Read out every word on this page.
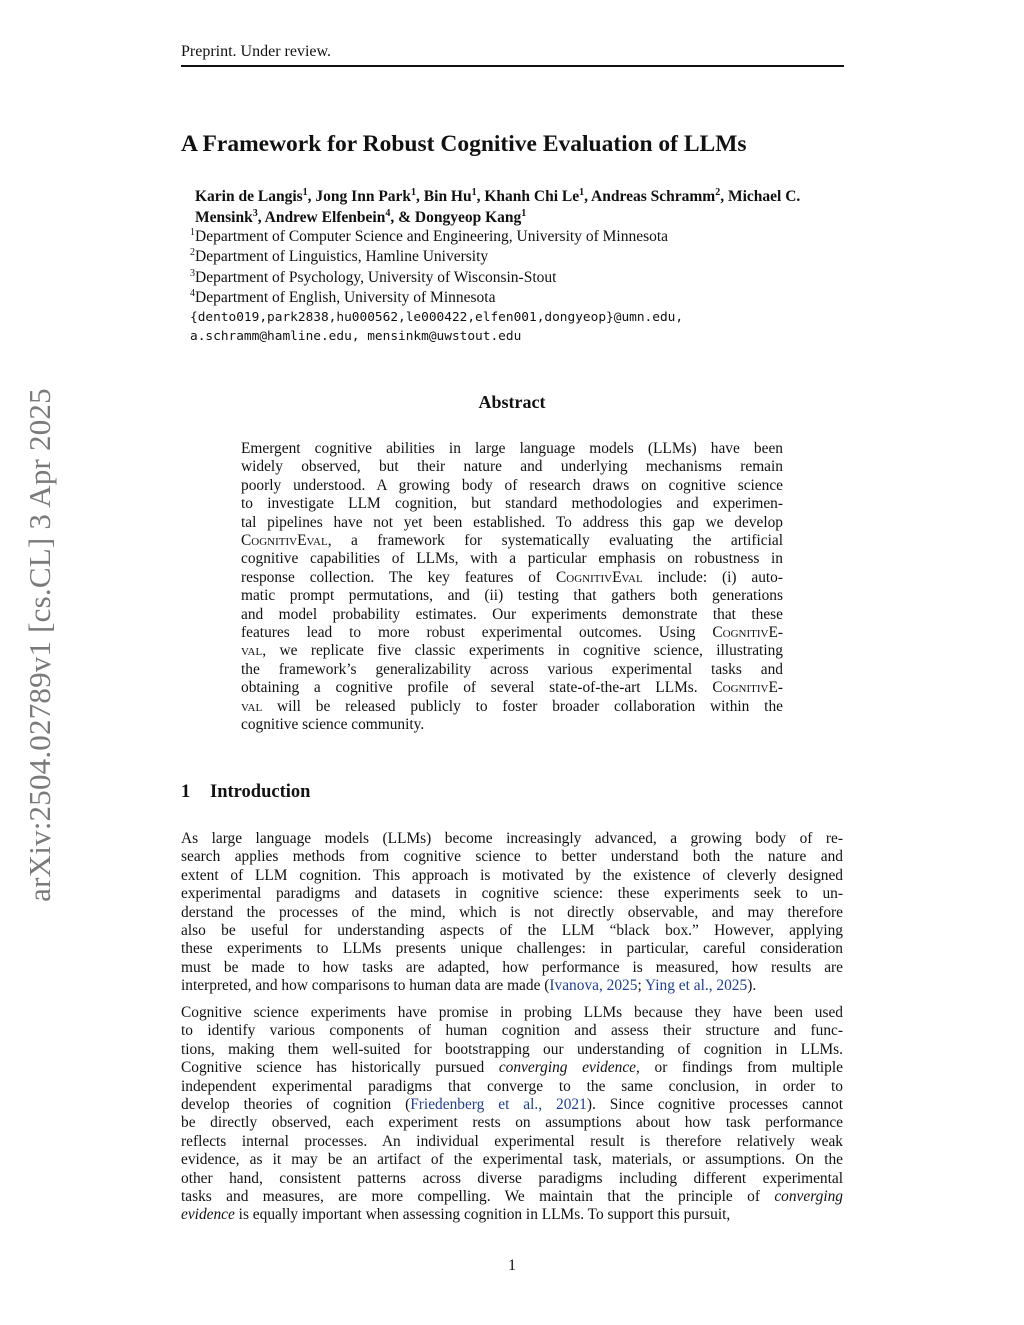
Preprint. Under review.
arXiv:2504.02789v1 [cs.CL] 3 Apr 2025
A Framework for Robust Cognitive Evaluation of LLMs
Karin de Langis$^1$, Jong Inn Park$^1$, Bin Hu$^1$, Khanh Chi Le$^1$, Andreas Schramm$^2$, Michael C. Mensink$^3$, Andrew Elfenbein$^4$, & Dongyeop Kang$^1$
$^1$Department of Computer Science and Engineering, University of Minnesota
$^2$Department of Linguistics, Hamline University
$^3$Department of Psychology, University of Wisconsin-Stout
$^4$Department of English, University of Minnesota
{dento019,park2838,hu000562,le000422,elfen001,dongyeop}@umn.edu,
a.schramm@hamline.edu, mensinkm@uwstout.edu
Abstract
Emergent cognitive abilities in large language models (LLMs) have been
widely observed, but their nature and underlying mechanisms remain
poorly understood. A growing body of research draws on cognitive science
to investigate LLM cognition, but standard methodologies and experimen-
tal pipelines have not yet been established. To address this gap we develop
CognitivEval, a framework for systematically evaluating the artificial
cognitive capabilities of LLMs, with a particular emphasis on robustness in
response collection. The key features of CognitivEval include: (i) auto-
matic prompt permutations, and (ii) testing that gathers both generations
and model probability estimates. Our experiments demonstrate that these
features lead to more robust experimental outcomes. Using CognitivE-
val, we replicate five classic experiments in cognitive science, illustrating
the framework’s generalizability across various experimental tasks and
obtaining a cognitive profile of several state-of-the-art LLMs. CognitivE-
val will be released publicly to foster broader collaboration within the
cognitive science community.
1 Introduction
As large language models (LLMs) become increasingly advanced, a growing body of re-
search applies methods from cognitive science to better understand both the nature and
extent of LLM cognition. This approach is motivated by the existence of cleverly designed
experimental paradigms and datasets in cognitive science: these experiments seek to un-
derstand the processes of the mind, which is not directly observable, and may therefore
also be useful for understanding aspects of the LLM “black box.” However, applying
these experiments to LLMs presents unique challenges: in particular, careful consideration
must be made to how tasks are adapted, how performance is measured, how results are
interpreted, and how comparisons to human data are made (Ivanova, 2025; Ying et al., 2025).
Cognitive science experiments have promise in probing LLMs because they have been used
to identify various components of human cognition and assess their structure and func-
tions, making them well-suited for bootstrapping our understanding of cognition in LLMs.
Cognitive science has historically pursued converging evidence, or findings from multiple
independent experimental paradigms that converge to the same conclusion, in order to
develop theories of cognition (Friedenberg et al., 2021). Since cognitive processes cannot
be directly observed, each experiment rests on assumptions about how task performance
reflects internal processes. An individual experimental result is therefore relatively weak
evidence, as it may be an artifact of the experimental task, materials, or assumptions. On the
other hand, consistent patterns across diverse paradigms including different experimental
tasks and measures, are more compelling. We maintain that the principle of converging
evidence is equally important when assessing cognition in LLMs. To support this pursuit,
1
